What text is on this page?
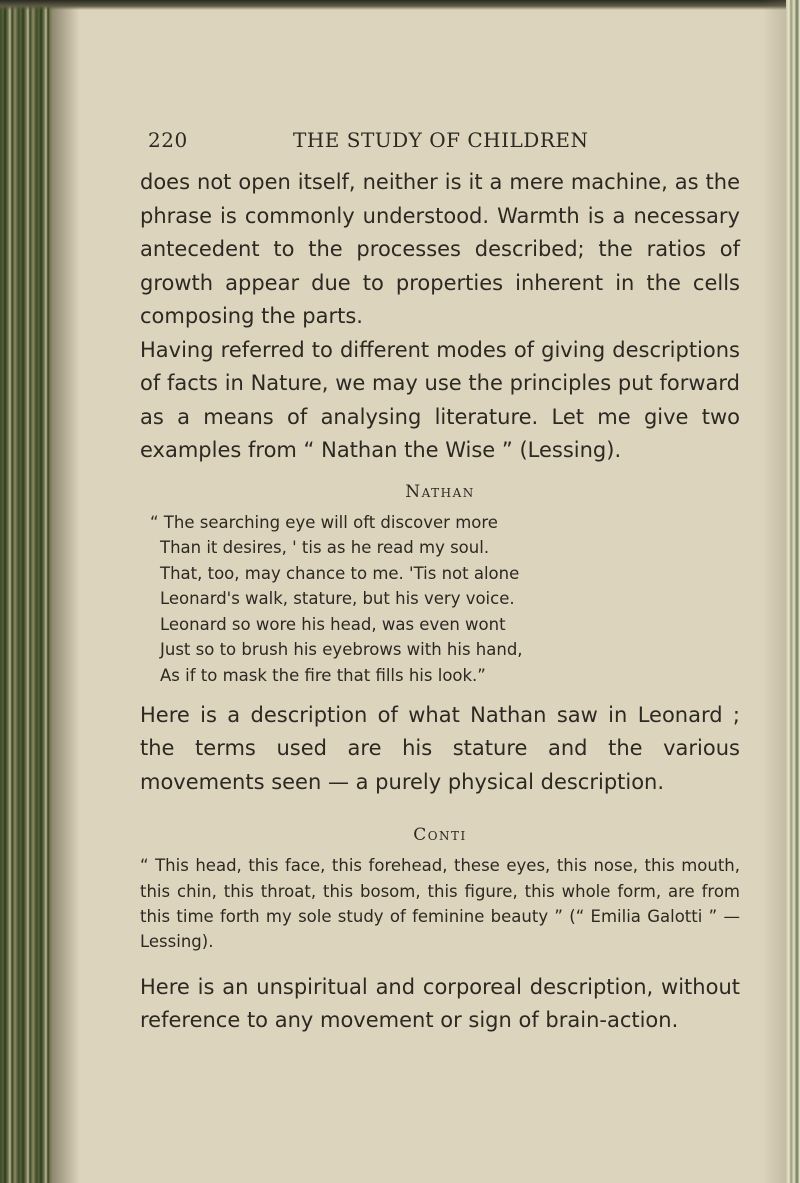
220	THE STUDY OF CHILDREN

does not open itself, neither is it a mere machine, as the phrase is commonly understood. Warmth is a necessary antecedent to the processes described; the ratios of growth appear due to properties inherent in the cells composing the parts.

Having referred to different modes of giving descriptions of facts in Nature, we may use the principles put forward as a means of analysing literature. Let me give two examples from “ Nathan the Wise ” (Lessing).

Nathan
“ The searching eye will oft discover more
Than it desires, ' tis as he read my soul.
That, too, may chance to me. 'Tis not alone
Leonard's walk, stature, but his very voice.
Leonard so wore his head, was even wont
Just so to brush his eyebrows with his hand,
As if to mask the fire that fills his look.”

Here is a description of what Nathan saw in Leonard ; the terms used are his stature and the various movements seen — a purely physical description.

Conti

“ This head, this face, this forehead, these eyes, this nose, this mouth, this chin, this throat, this bosom, this figure, this whole form, are from this time forth my sole study of feminine beauty ” (“ Emilia Galotti ” — Lessing).

Here is an unspiritual and corporeal description, without reference to any movement or sign of brain-action.
